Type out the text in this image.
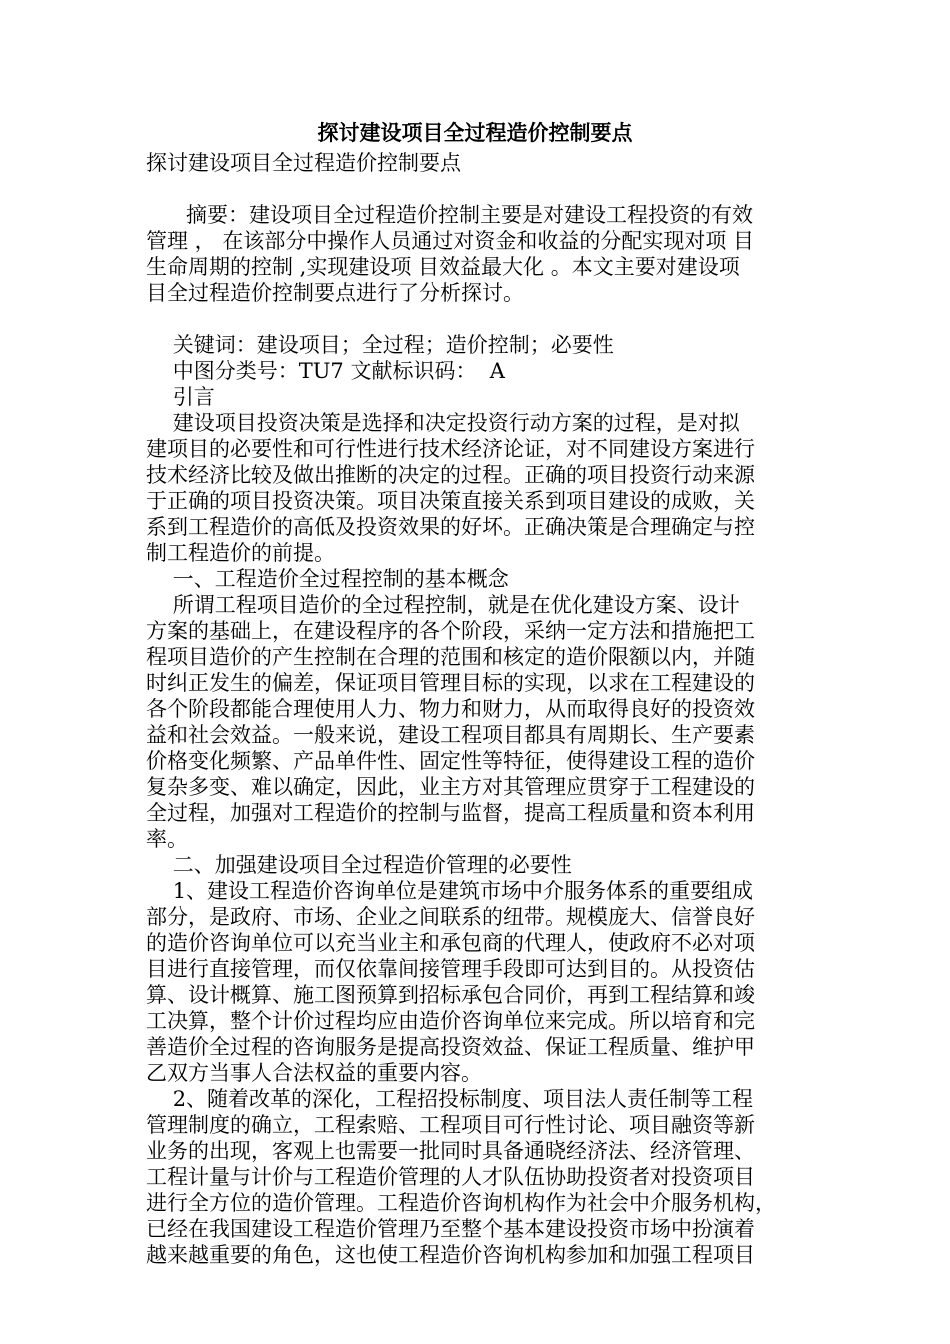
探讨建设项目全过程造价控制要点
探讨建设项目全过程造价控制要点
摘要：建设项目全过程造价控制主要是对建设工程投资的有效
管理 ， 在该部分中操作人员通过对资金和收益的分配实现对项 目
生命周期的控制 ,实现建设项 目效益最大化 。本文主要对建设项
目全过程造价控制要点进行了分析探讨。
关键词：建设项目；全过程；造价控制；必要性
中图分类号：TU7 文献标识码：  A
引言
建设项目投资决策是选择和决定投资行动方案的过程，是对拟
建项目的必要性和可行性进行技术经济论证，对不同建设方案进行
技术经济比较及做出推断的决定的过程。正确的项目投资行动来源
于正确的项目投资决策。项目决策直接关系到项目建设的成败，关
系到工程造价的高低及投资效果的好坏。正确决策是合理确定与控
制工程造价的前提。
一、工程造价全过程控制的基本概念
所谓工程项目造价的全过程控制，就是在优化建设方案、设计
方案的基础上，在建设程序的各个阶段，采纳一定方法和措施把工
程项目造价的产生控制在合理的范围和核定的造价限额以内，并随
时纠正发生的偏差，保证项目管理目标的实现，以求在工程建设的
各个阶段都能合理使用人力、物力和财力，从而取得良好的投资效
益和社会效益。一般来说，建设工程项目都具有周期长、生产要素
价格变化频繁、产品单件性、固定性等特征，使得建设工程的造价
复杂多变、难以确定，因此，业主方对其管理应贯穿于工程建设的
全过程，加强对工程造价的控制与监督，提高工程质量和资本利用
率。
二、加强建设项目全过程造价管理的必要性
1、建设工程造价咨询单位是建筑市场中介服务体系的重要组成
部分，是政府、市场、企业之间联系的纽带。规模庞大、信誉良好
的造价咨询单位可以充当业主和承包商的代理人，使政府不必对项
目进行直接管理，而仅依靠间接管理手段即可达到目的。从投资估
算、设计概算、施工图预算到招标承包合同价，再到工程结算和竣
工决算，整个计价过程均应由造价咨询单位来完成。所以培育和完
善造价全过程的咨询服务是提高投资效益、保证工程质量、维护甲
乙双方当事人合法权益的重要内容。
2、随着改革的深化，工程招投标制度、项目法人责任制等工程
管理制度的确立，工程索赔、工程项目可行性讨论、项目融资等新
业务的出现，客观上也需要一批同时具备通晓经济法、经济管理、
工程计量与计价与工程造价管理的人才队伍协助投资者对投资项目
进行全方位的造价管理。工程造价咨询机构作为社会中介服务机构，
已经在我国建设工程造价管理乃至整个基本建设投资市场中扮演着
越来越重要的角色，这也使工程造价咨询机构参加和加强工程项目
